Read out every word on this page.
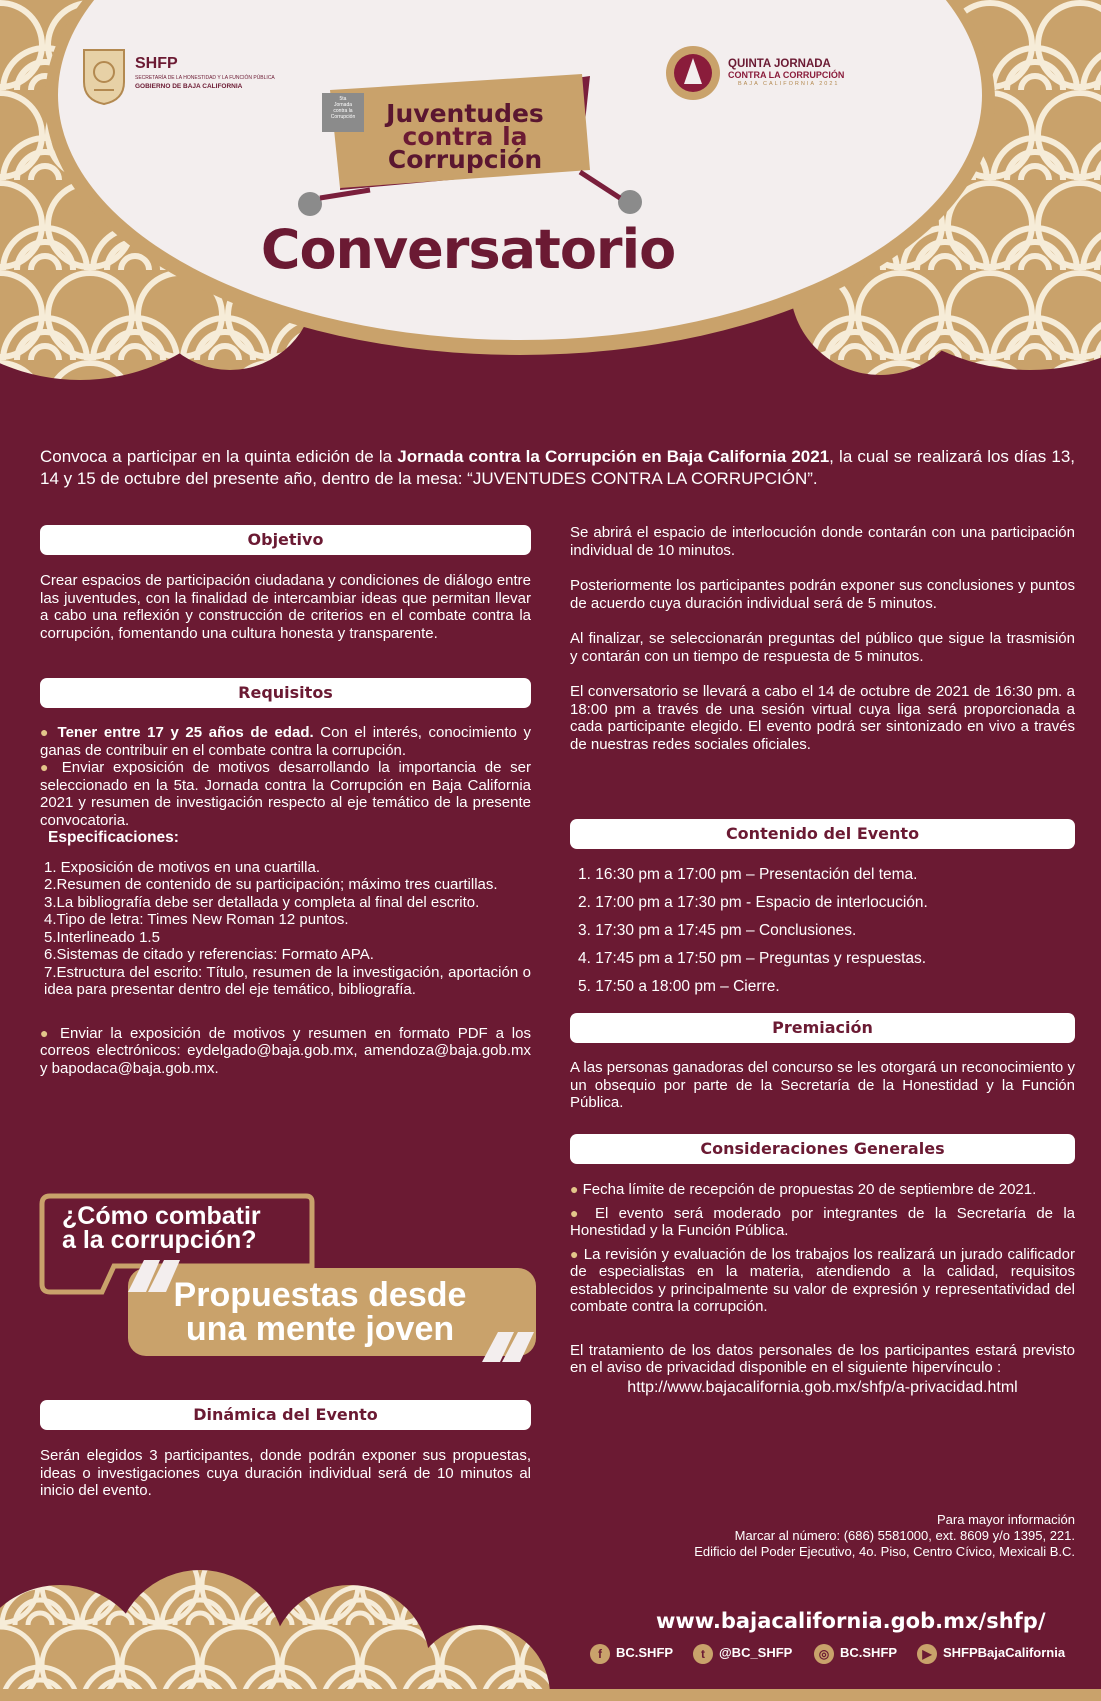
SHFP
SECRETARÍA DE LA HONESTIDAD Y LA FUNCIÓN PÚBLICA
GOBIERNO DE BAJA CALIFORNIA
QUINTA JORNADA
CONTRA LA CORRUPCIÓN
BAJA CALIFORNIA 2021
5ta
Jornada
contra la
Corrupción	Juventudes
contra la
Corrupción
Conversatorio
Convoca a participar en la quinta edición de la Jornada contra la Corrupción en Baja California 2021, la cual se realizará los días 13, 14 y 15 de octubre del presente año, dentro de la mesa: “JUVENTUDES CONTRA LA CORRUPCIÓN”.
Objetivo
Crear espacios de participación ciudadana y condiciones de diálogo entre las juventudes, con la finalidad de intercambiar ideas que permitan llevar a cabo una reflexión y construcción de criterios en el combate contra la corrupción, fomentando una cultura honesta y transparente.
Requisitos

● Tener entre 17 y 25 años de edad. Con el interés, conocimiento y ganas de contribuir en el combate contra la corrupción.

● Enviar exposición de motivos desarrollando la importancia de ser seleccionado en la 5ta. Jornada contra la Corrupción en Baja California 2021 y resumen de investigación respecto al eje temático de la presente convocatoria.

Especificaciones:

1. Exposición de motivos en una cuartilla.

2.Resumen de contenido de su participación; máximo tres cuartillas.

3.La bibliografía debe ser detallada y completa al final del escrito.

4.Tipo de letra: Times New Roman 12 puntos.

5.Interlineado 1.5

6.Sistemas de citado y referencias: Formato APA.

7.Estructura del escrito: Título, resumen de la investigación, aportación o idea para presentar dentro del eje temático, bibliografía.

● Enviar la exposición de motivos y resumen en formato PDF a los correos electrónicos: eydelgado@baja.gob.mx, amendoza@baja.gob.mx y bapodaca@baja.gob.mx.

¿Cómo combatir
a la corrupción?
Propuestas desde
una mente joven
Dinámica del Evento
Serán elegidos 3 participantes, donde podrán exponer sus propuestas, ideas o investigaciones cuya duración individual será de 10 minutos al inicio del evento.

Se abrirá el espacio de interlocución donde contarán con una participación individual de 10 minutos.

Posteriormente los participantes podrán exponer sus conclusiones y puntos de acuerdo cuya duración individual será de 5 minutos.

Al finalizar, se seleccionarán preguntas del público que sigue la trasmisión y contarán con un tiempo de respuesta de 5 minutos.

El conversatorio se llevará a cabo el 14 de octubre de 2021 de 16:30 pm. a 18:00 pm a través de una sesión virtual cuya liga será proporcionada a cada participante elegido. El evento podrá ser sintonizado en vivo a través de nuestras redes sociales oficiales.

Contenido del Evento

1. 16:30 pm a 17:00 pm – Presentación del tema.

2. 17:00 pm a 17:30 pm - Espacio de interlocución.

3. 17:30 pm a 17:45 pm – Conclusiones.

4. 17:45 pm a 17:50 pm – Preguntas y respuestas.

5. 17:50 a 18:00 pm – Cierre.

Premiación
A las personas ganadoras del concurso se les otorgará un reconocimiento y un obsequio por parte de la Secretaría de la Honestidad y la Función Pública.
Consideraciones Generales

● Fecha límite de recepción de propuestas 20 de septiembre de 2021.

● El evento será moderado por integrantes de la Secretaría de la Honestidad y la Función Pública.

● La revisión y evaluación de los trabajos los realizará un jurado calificador de especialistas en la materia, atendiendo a la calidad, requisitos establecidos y principalmente su valor de expresión y representatividad del combate contra la corrupción.

El tratamiento de los datos personales de los participantes estará previsto en el aviso de privacidad disponible en el siguiente hipervínculo :

http://www.bajacalifornia.gob.mx/shfp/a-privacidad.html

Para mayor información
Marcar al número: (686) 5581000, ext. 8609 y/o 1395, 221.
Edificio del Poder Ejecutivo, 4o. Piso, Centro Cívico, Mexicali B.C.
www.bajacalifornia.gob.mx/shfp/
f BC.SHFP	t @BC_SHFP	◎ BC.SHFP	▶ SHFPBajaCalifornia
